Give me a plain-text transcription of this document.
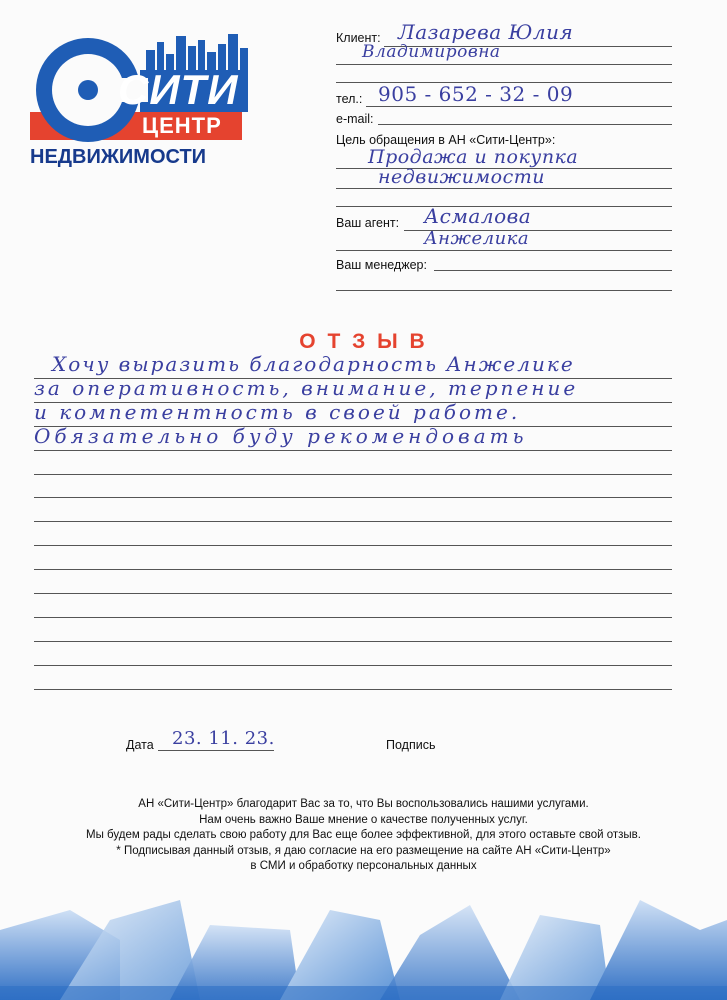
СИТИ
ЦЕНТР
НЕДВИЖИМОСТИ
Клиент: Лазарева Юлия
Владимировна
тел.: 905 - 652 - 32 - 09
e-mail:
Цель обращения в АН «Сити-Центр»:
Продажа и покупка
недвижимости
Ваш агент: Асмалова
Анжелика
Ваш менеджер:
О Т З Ы В
Хочу выразить благодарность Анжелике
за оперативность, внимание, терпение
и компетентность в своей работе.
Обязательно буду рекомендовать
Дата 23. 11. 23.	Подпись

АН «Сити-Центр» благодарит Вас за то, что Вы воспользовались нашими услугами.

Нам очень важно Ваше мнение о качестве полученных услуг.

Мы будем рады сделать свою работу для Вас еще более эффективной, для этого оставьте свой отзыв.

* Подписывая данный отзыв, я даю согласие на его размещение на сайте АН «Сити-Центр»

в СМИ и обработку персональных данных
